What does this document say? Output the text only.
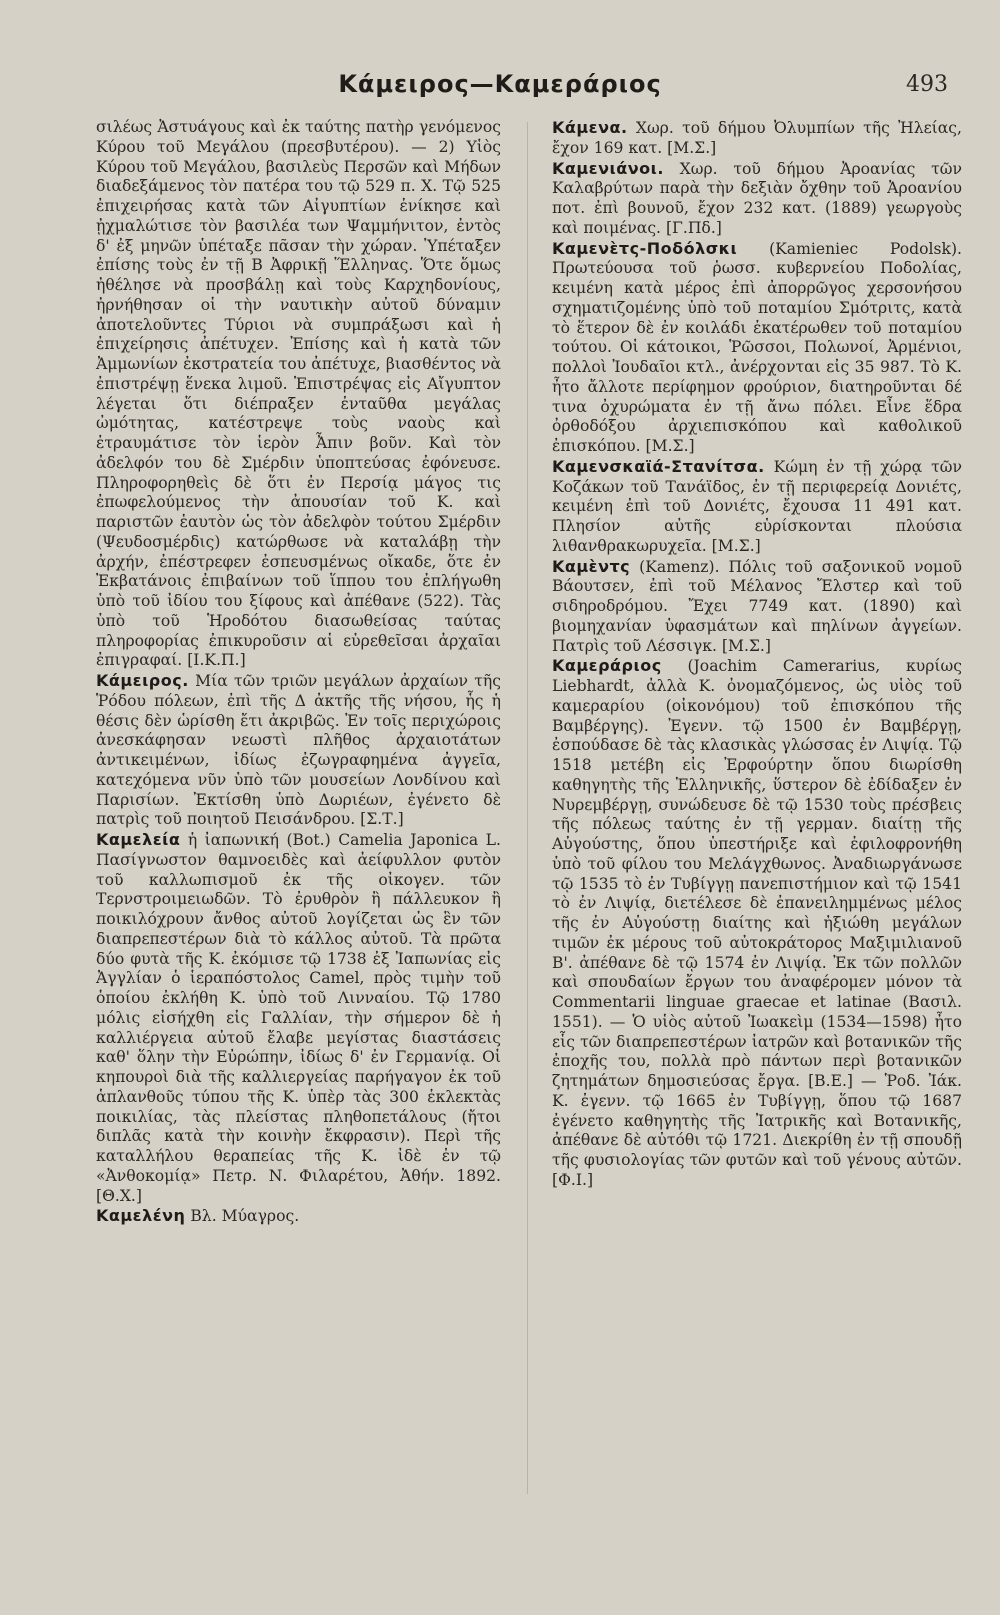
Κάμειρος—Καμεράριος	493

σιλέως Ἀστυάγους καὶ ἐκ ταύτης πατὴρ γενόμενος Κύρου τοῦ Μεγάλου (πρεσβυτέρου). — 2) Υἱὸς Κύρου τοῦ Μεγάλου, βασιλεὺς Περσῶν καὶ Μήδων διαδεξάμενος τὸν πατέρα του τῷ 529 π. Χ. Τῷ 525 ἐπιχειρήσας κατὰ τῶν Αἰγυπτίων ἐνίκησε καὶ ᾐχμαλώτισε τὸν βασιλέα των Ψαμμήνιτον, ἐντὸς δ' ἐξ μηνῶν ὑπέταξε πᾶσαν τὴν χώραν. Ὑπέταξεν ἐπίσης τοὺς ἐν τῇ Β Ἀφρικῇ Ἕλληνας. Ὅτε ὅμως ἠθέλησε νὰ προσβάλῃ καὶ τοὺς Καρχηδονίους, ἠρνήθησαν οἱ τὴν ναυτικὴν αὐτοῦ δύναμιν ἀποτελοῦντες Τύριοι νὰ συμπράξωσι καὶ ἡ ἐπιχείρησις ἀπέτυχεν. Ἐπίσης καὶ ἡ κατὰ τῶν Ἀμμωνίων ἐκστρατεία του ἀπέτυχε, βιασθέντος νὰ ἐπιστρέψῃ ἕνεκα λιμοῦ. Ἐπιστρέψας εἰς Αἴγυπτον λέγεται ὅτι διέπραξεν ἐνταῦθα μεγάλας ὠμότητας, κατέστρεψε τοὺς ναοὺς καὶ ἐτραυμάτισε τὸν ἱερὸν Ἆπιν βοῦν. Καὶ τὸν ἀδελφόν του δὲ Σμέρδιν ὑποπτεύσας ἐφόνευσε. Πληροφορηθεὶς δὲ ὅτι ἐν Περσίᾳ μάγος τις ἐπωφελούμενος τὴν ἀπουσίαν τοῦ Κ. καὶ παριστῶν ἑαυτὸν ὡς τὸν ἀδελφὸν τούτου Σμέρδιν (Ψευδοσμέρδις) κατώρθωσε νὰ καταλάβῃ τὴν ἀρχήν, ἐπέστρεφεν ἐσπευσμένως οἴκαδε, ὅτε ἐν Ἐκβατάνοις ἐπιβαίνων τοῦ ἵππου του ἐπλήγωθη ὑπὸ τοῦ ἰδίου του ξίφους καὶ ἀπέθανε (522). Τὰς ὑπὸ τοῦ Ἡροδότου διασωθείσας ταύτας πληροφορίας ἐπικυροῦσιν αἱ εὑρεθεῖσαι ἀρχαῖαι ἐπιγραφαί. [Ι.Κ.Π.]

Κάμειρος. Μία τῶν τριῶν μεγάλων ἀρχαίων τῆς Ῥόδου πόλεων, ἐπὶ τῆς Δ ἀκτῆς τῆς νήσου, ἧς ἡ θέσις δὲν ὡρίσθη ἔτι ἀκριβῶς. Ἐν τοῖς περιχώροις ἀνεσκάφησαν νεωστὶ πλῆθος ἀρχαιοτάτων ἀντικειμένων, ἰδίως ἐζωγραφημένα ἀγγεῖα, κατεχόμενα νῦν ὑπὸ τῶν μουσείων Λονδίνου καὶ Παρισίων. Ἐκτίσθη ὑπὸ Δωριέων, ἐγένετο δὲ πατρὶς τοῦ ποιητοῦ Πεισάνδρου. [Σ.Τ.]

Καμελεία ἡ ἰαπωνική (Bot.) Camelia Japonica L. Πασίγνωστον θαμνοειδὲς καὶ ἀείφυλλον φυτὸν τοῦ καλλωπισμοῦ ἐκ τῆς οἰκογεν. τῶν Τερνστροιμειωδῶν. Τὸ ἐρυθρὸν ἢ πάλλευκον ἢ ποικιλόχρουν ἄνθος αὐτοῦ λογίζεται ὡς ἓν τῶν διαπρεπεστέρων διὰ τὸ κάλλος αὐτοῦ. Τὰ πρῶτα δύο φυτὰ τῆς Κ. ἐκόμισε τῷ 1738 ἐξ Ἰαπωνίας εἰς Ἀγγλίαν ὁ ἱεραπόστολος Camel, πρὸς τιμὴν τοῦ ὁποίου ἐκλήθη Κ. ὑπὸ τοῦ Λινναίου. Τῷ 1780 μόλις εἰσήχθη εἰς Γαλλίαν, τὴν σήμερον δὲ ἡ καλλιέργεια αὐτοῦ ἔλαβε μεγίστας διαστάσεις καθ' ὅλην τὴν Εὐρώπην, ἰδίως δ' ἐν Γερμανίᾳ. Οἱ κηπουροὶ διὰ τῆς καλλιεργείας παρήγαγον ἐκ τοῦ ἁπλανθοῦς τύπου τῆς Κ. ὑπὲρ τὰς 300 ἐκλεκτὰς ποικιλίας, τὰς πλείστας πληθοπετάλους (ἤτοι διπλᾶς κατὰ τὴν κοινὴν ἔκφρασιν). Περὶ τῆς καταλλήλου θεραπείας τῆς Κ. ἰδὲ ἐν τῷ «Ἀνθοκομίᾳ» Πετρ. Ν. Φιλαρέτου, Ἀθήν. 1892. [Θ.Χ.]

Καμελένη Βλ. Μύαγρος.

Κάμενα. Χωρ. τοῦ δήμου Ὀλυμπίων τῆς Ἠλείας, ἔχον 169 κατ. [Μ.Σ.]

Καμενιάνοι. Χωρ. τοῦ δήμου Ἀροανίας τῶν Καλαβρύτων παρὰ τὴν δεξιὰν ὄχθην τοῦ Ἀροανίου ποτ. ἐπὶ βουνοῦ, ἔχον 232 κατ. (1889) γεωργοὺς καὶ ποιμένας. [Γ.Πδ.]

Καμενὲτς-Ποδόλσκι (Kamieniec Podolsk). Πρωτεύουσα τοῦ ῥωσσ. κυβερνείου Ποδολίας, κειμένη κατὰ μέρος ἐπὶ ἀπορρῶγος χερσονήσου σχηματιζομένης ὑπὸ τοῦ ποταμίου Σμότριτς, κατὰ τὸ ἕτερον δὲ ἐν κοιλάδι ἐκατέρωθεν τοῦ ποταμίου τούτου. Οἱ κάτοικοι, Ῥῶσσοι, Πολωνοί, Ἀρμένιοι, πολλοὶ Ἰουδαῖοι κτλ., ἀνέρχονται εἰς 35 987. Τὸ Κ. ἦτο ἄλλοτε περίφημον φρούριον, διατηροῦνται δέ τινα ὀχυρώματα ἐν τῇ ἄνω πόλει. Εἶνε ἕδρα ὀρθοδόξου ἀρχιεπισκόπου καὶ καθολικοῦ ἐπισκόπου. [Μ.Σ.]

Καμενσκαϊά-Στανίτσα. Κώμη ἐν τῇ χώρᾳ τῶν Κοζάκων τοῦ Τανάϊδος, ἐν τῇ περιφερείᾳ Δονιέτς, κειμένη ἐπὶ τοῦ Δονιέτς, ἔχουσα 11 491 κατ. Πλησίον αὐτῆς εὑρίσκονται πλούσια λιθανθρακωρυχεῖα. [Μ.Σ.]

Καμὲντς (Kamenz). Πόλις τοῦ σαξονικοῦ νομοῦ Βάουτσεν, ἐπὶ τοῦ Μέλανος Ἔλστερ καὶ τοῦ σιδηροδρόμου. Ἔχει 7749 κατ. (1890) καὶ βιομηχανίαν ὑφασμάτων καὶ πηλίνων ἀγγείων. Πατρὶς τοῦ Λέσσιγκ. [Μ.Σ.]

Καμεράριος (Joachim Camerarius, κυρίως Liebhardt, ἀλλὰ Κ. ὀνομαζόμενος, ὡς υἱὸς τοῦ καμεραρίου (οἰκονόμου) τοῦ ἐπισκόπου τῆς Βαμβέργης). Ἐγενν. τῷ 1500 ἐν Βαμβέργῃ, ἐσπούδασε δὲ τὰς κλασικὰς γλώσσας ἐν Λιψίᾳ. Τῷ 1518 μετέβη εἰς Ἐρφούρτην ὅπου διωρίσθη καθηγητὴς τῆς Ἑλληνικῆς, ὕστερον δὲ ἐδίδαξεν ἐν Νυρεμβέργῃ, συνώδευσε δὲ τῷ 1530 τοὺς πρέσβεις τῆς πόλεως ταύτης ἐν τῇ γερμαν. διαίτῃ τῆς Αὐγούστης, ὅπου ὑπεστήριξε καὶ ἐφιλοφρονήθη ὑπὸ τοῦ φίλου του Μελάγχθωνος. Ἀναδιωργάνωσε τῷ 1535 τὸ ἐν Τυβίγγῃ πανεπιστήμιον καὶ τῷ 1541 τὸ ἐν Λιψίᾳ, διετέλεσε δὲ ἐπανειλημμένως μέλος τῆς ἐν Αὐγούστῃ διαίτης καὶ ἠξιώθη μεγάλων τιμῶν ἐκ μέρους τοῦ αὐτοκράτορος Μαξιμιλιανοῦ Β'. ἀπέθανε δὲ τῷ 1574 ἐν Λιψίᾳ. Ἐκ τῶν πολλῶν καὶ σπουδαίων ἔργων του ἀναφέρομεν μόνον τὰ Commentarii linguae graecae et latinae (Βασιλ. 1551). — Ὁ υἱὸς αὐτοῦ Ἰωακεὶμ (1534—1598) ἦτο εἷς τῶν διαπρεπεστέρων ἰατρῶν καὶ βοτανικῶν τῆς ἐποχῆς του, πολλὰ πρὸ πάντων περὶ βοτανικῶν ζητημάτων δημοσιεύσας ἔργα. [Β.Ε.] — Ῥοδ. Ἰάκ. Κ. ἐγενν. τῷ 1665 ἐν Τυβίγγῃ, ὅπου τῷ 1687 ἐγένετο καθηγητὴς τῆς Ἰατρικῆς καὶ Βοτανικῆς, ἀπέθανε δὲ αὐτόθι τῷ 1721. Διεκρίθη ἐν τῇ σπουδῇ τῆς φυσιολογίας τῶν φυτῶν καὶ τοῦ γένους αὐτῶν. [Φ.Ι.]
